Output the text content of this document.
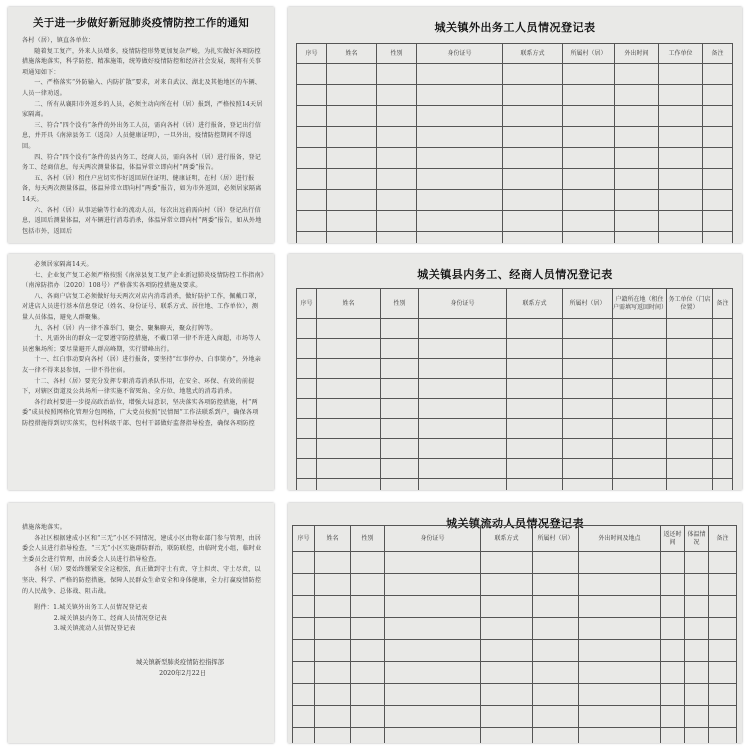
关于进一步做好新冠肺炎疫情防控工作的通知

各村（居），镇直各单位：

随着复工复产，外来人员增多，疫情防控形势更加复杂严峻，为扎实做好各项防控措施落地落实，科学防控、精准施策，统筹做好疫情防控和经济社会发展，现将有关事项通知如下：

一、严格落实“外防输入、内防扩散”要求，对来自武汉、湖北及其他地区的车辆、人员一律劝返。

二、所有从襄阳市外返乡的人员，必须主动向所在村（居）报到，严格按照14天居家隔离。

三、符合“四个没有”条件的外出务工人员，需向各村（居）进行报备，登记出行信息，并开具《南漳县务工（返岗）人员健康证明》，一旦外出，疫情防控期间不得返回。

四、符合“四个没有”条件的县内务工、经商人员，需向各村（居）进行报备，登记务工、经商信息，每天两次测量体温，体温异常立即向村“两委”报告。

五、各村（居）租住户应切实作好返回居住证明、健康证明，在村（居）进行报备，每天两次测量体温，体温异常立即向村“两委”报告，如为市外返回，必须居家隔离14天。

六、各村（居）从事运输等行业的流动人员，每次出远前需向村（居）登记出行信息，返回后测量体温，对车辆进行消毒消杀，体温异常立即向村“两委”报告，如从外地包括市外，返回后

城关镇外出务工人员情况登记表
序号	姓名	性别	身份证号	联系方式	所属村（居）	外出时间	工作单位	备注

必须居家隔离14天。

七、企业复产复工必须严格按照《南漳县复工复产企业新冠肺炎疫情防控工作指南》（南漳防指办〔2020〕108号）严格落实各项防控措施及要求。

八、各商户店复工必须做好每天两次对店内消毒消杀，做好防护工作，佩戴口罩，对进店人员进行基本信息登记（姓名、身份证号、联系方式、居住地、工作单位），测量人员体温，避免人群聚集。

九、各村（居）内一律不准举门、聚会、聚集聊天，聚众打牌等。

十、凡需外出的群众一定要遵守防控措施，不戴口罩一律不许进入商超，市场等人员密集场所；要尽量避开人群高峰期，实行错峰出行。

十一、红白事动要向各村（居）进行报备，要坚持“红事停办、白事简办”，外地亲友一律不得来县参加，一律不得住宿。

十二、各村（居）要充分发挥专职消毒消杀队作用，在安全、环保、有效的前提下，对辖区街道及公共场所一律实施不留死角、全方位、地毯式的消毒消杀。

各行政村要进一步提高政治站位，增强大局意识，坚决落实各项防控措施，村“两委”成员按照网格化管理分包网格，广大党员按照“民情图”工作法联系到户，确保各项防控措施得到切实落实，包村科级干部、包村干部做好监督指导检查，确保各项防控

城关镇县内务工、经商人员情况登记表
序号	姓名	性别	身份证号	联系方式	所属村（居）	户籍所在地（租住户需填写返回时间）	务工单位（门店位置）	备注

措施落地落实。

各社区根据建成小区和“三无”小区不同情况，建成小区由物业部门参与管理，由居委会人员进行指导检查，“三无”小区实施群防群治，联防联控，由临时党小组，临时业主委员会进行管理，由居委会人员进行指导检查。

各村（居）要始终绷紧安全这根弦，真正做到守土有责、守土担责、守土尽责，以坚决、科学、严格的防控措施，保障人民群众生命安全和身体健康，全力打赢疫情防控的人民战争、总体战、阻击战。

附件：1.城关镇外出务工人员情况登记表

2.城关镇县内务工、经商人员情况登记表

3.城关镇流动人员情况登记表

城关镇新型肺炎疫情防控指挥部
2020年2月22日
城关镇流动人员情况登记表
序号	姓名	性别	身份证号	联系方式	所属村（居）	外出时间及地点	返还时间	体温情况	备注
